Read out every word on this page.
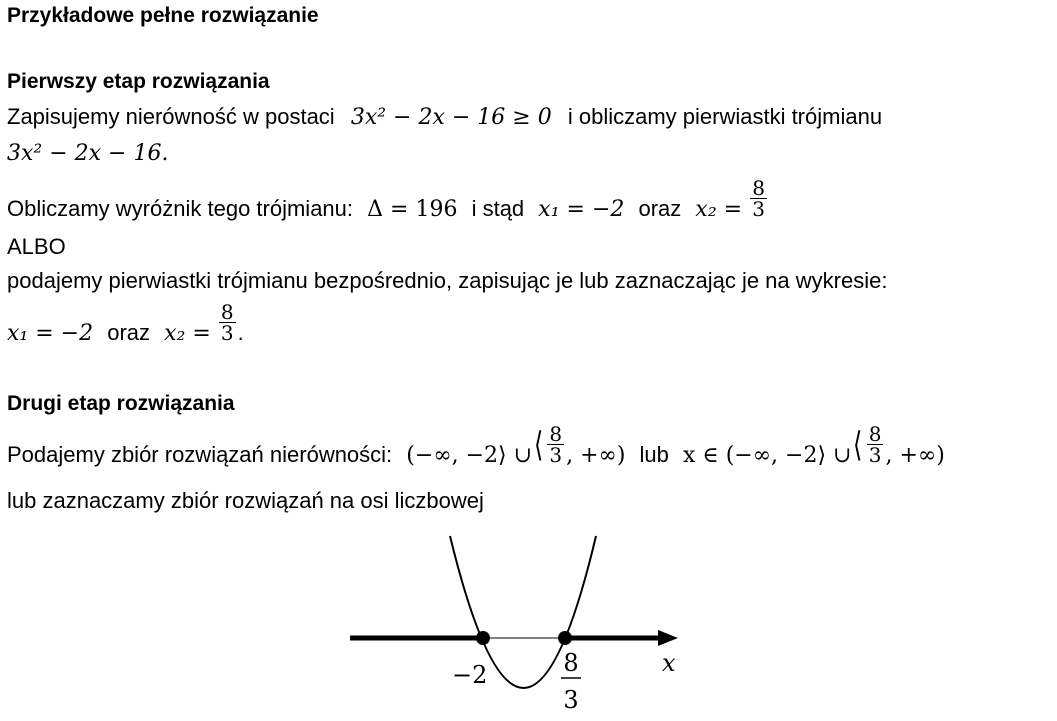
Przykładowe pełne rozwiązanie
Pierwszy etap rozwiązania
Zapisujemy nierówność w postaci 3x² − 2x − 16 ≥ 0 i obliczamy pierwiastki trójmianu
3x² − 2x − 16.
Obliczamy wyróżnik tego trójmianu: Δ = 196 i stąd x₁ = −2 oraz $x_2 = \frac{8}{3}$
ALBO
podajemy pierwiastki trójmianu bezpośrednio, zapisując je lub zaznaczając je na wykresie:
x₁ = −2 oraz $x_2 = \frac{8}{3}$ .
Drugi etap rozwiązania
Podajemy zbiór rozwiązań nierówności: (−∞, −2⟩ ∪⟨ $\frac{8}{3}$ , +∞) lub x ∈ (−∞, −2⟩ ∪⟨ $\frac{8}{3}$ , +∞)
lub zaznaczamy zbiór rozwiązań na osi liczbowej
−2	8
3
x
